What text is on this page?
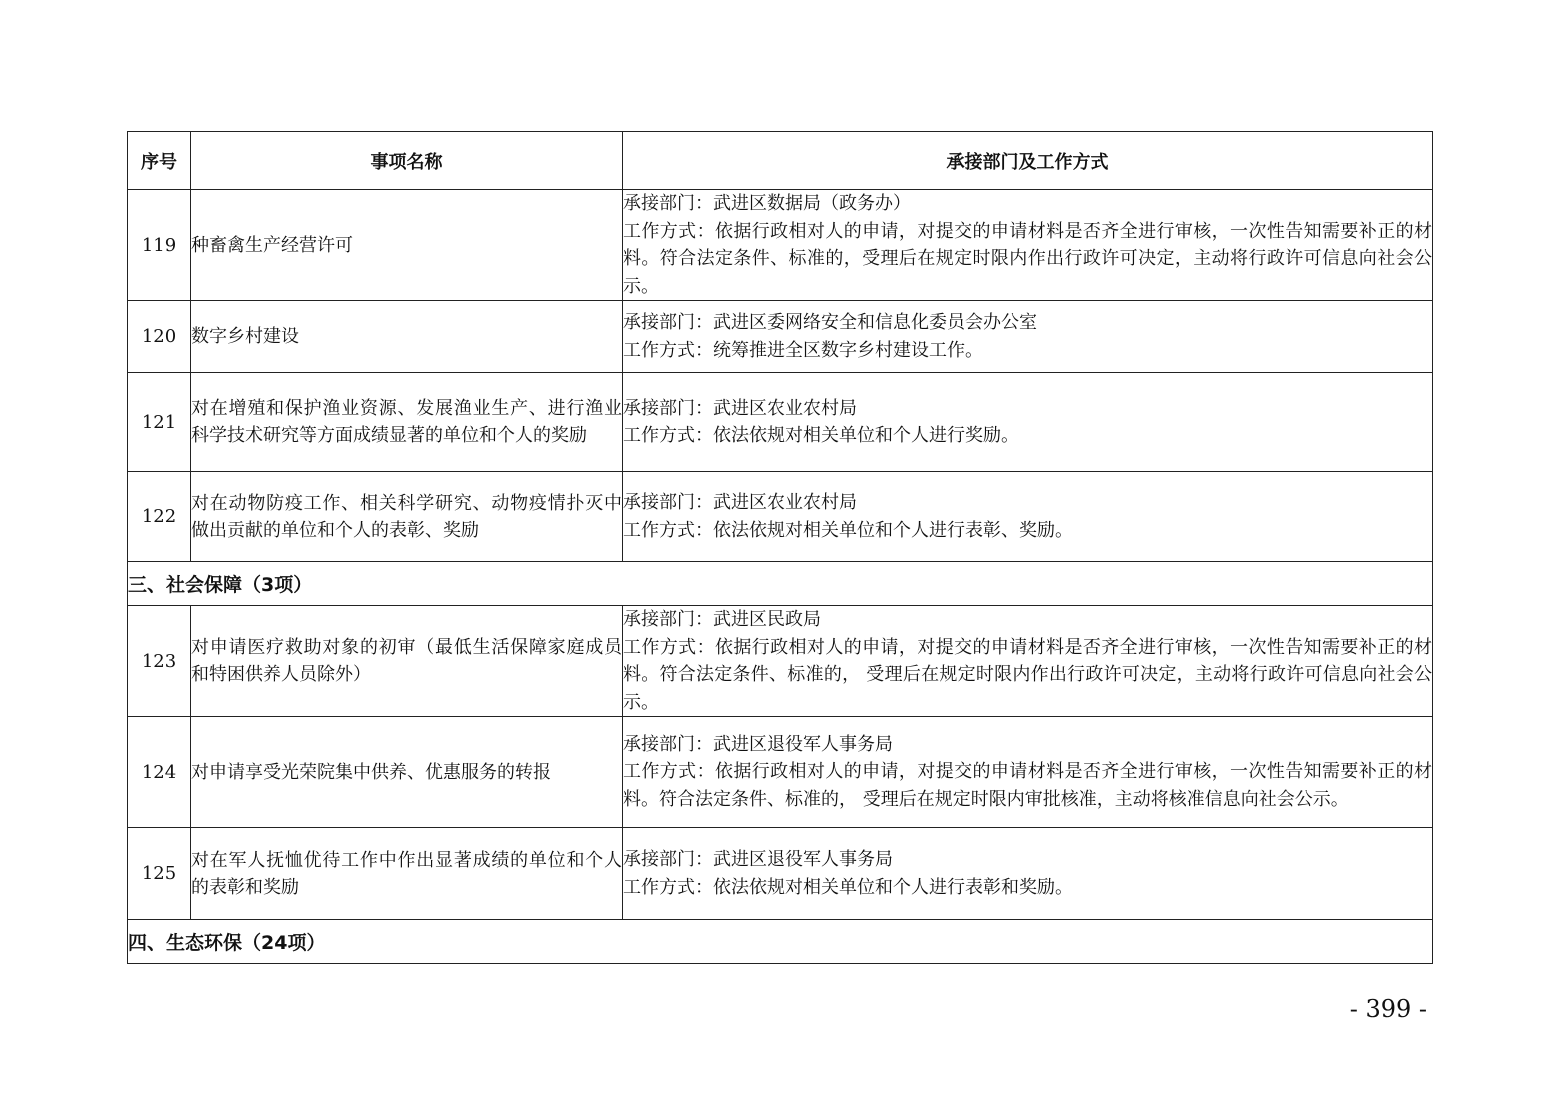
序号	事项名称	承接部门及工作方式
119	种畜禽生产经营许可	承接部门：武进区数据局（政务办）
工作方式：依据行政相对人的申请，对提交的申请材料是否齐全进行审核，一次性告知需要补正的材料。符合法定条件、标准的，受理后在规定时限内作出行政许可决定，主动将行政许可信息向社会公示。

120	数字乡村建设	承接部门：武进区委网络安全和信息化委员会办公室
工作方式：统筹推进全区数字乡村建设工作。

121	对在增殖和保护渔业资源、发展渔业生产、进行渔业科学技术研究等方面成绩显著的单位和个人的奖励	承接部门：武进区农业农村局
工作方式：依法依规对相关单位和个人进行奖励。

122	对在动物防疫工作、相关科学研究、动物疫情扑灭中做出贡献的单位和个人的表彰、奖励	承接部门：武进区农业农村局
工作方式：依法依规对相关单位和个人进行表彰、奖励。

三、社会保障（3项）		
123	对申请医疗救助对象的初审（最低生活保障家庭成员和特困供养人员除外）	承接部门：武进区民政局
工作方式：依据行政相对人的申请，对提交的申请材料是否齐全进行审核，一次性告知需要补正的材料。符合法定条件、标准的， 受理后在规定时限内作出行政许可决定，主动将行政许可信息向社会公示。

124	对申请享受光荣院集中供养、优惠服务的转报	承接部门：武进区退役军人事务局
工作方式：依据行政相对人的申请，对提交的申请材料是否齐全进行审核，一次性告知需要补正的材料。符合法定条件、标准的， 受理后在规定时限内审批核准，主动将核准信息向社会公示。

125	对在军人抚恤优待工作中作出显著成绩的单位和个人的表彰和奖励	承接部门：武进区退役军人事务局
工作方式：依法依规对相关单位和个人进行表彰和奖励。

四、生态环保（24项）		
- 399 -
